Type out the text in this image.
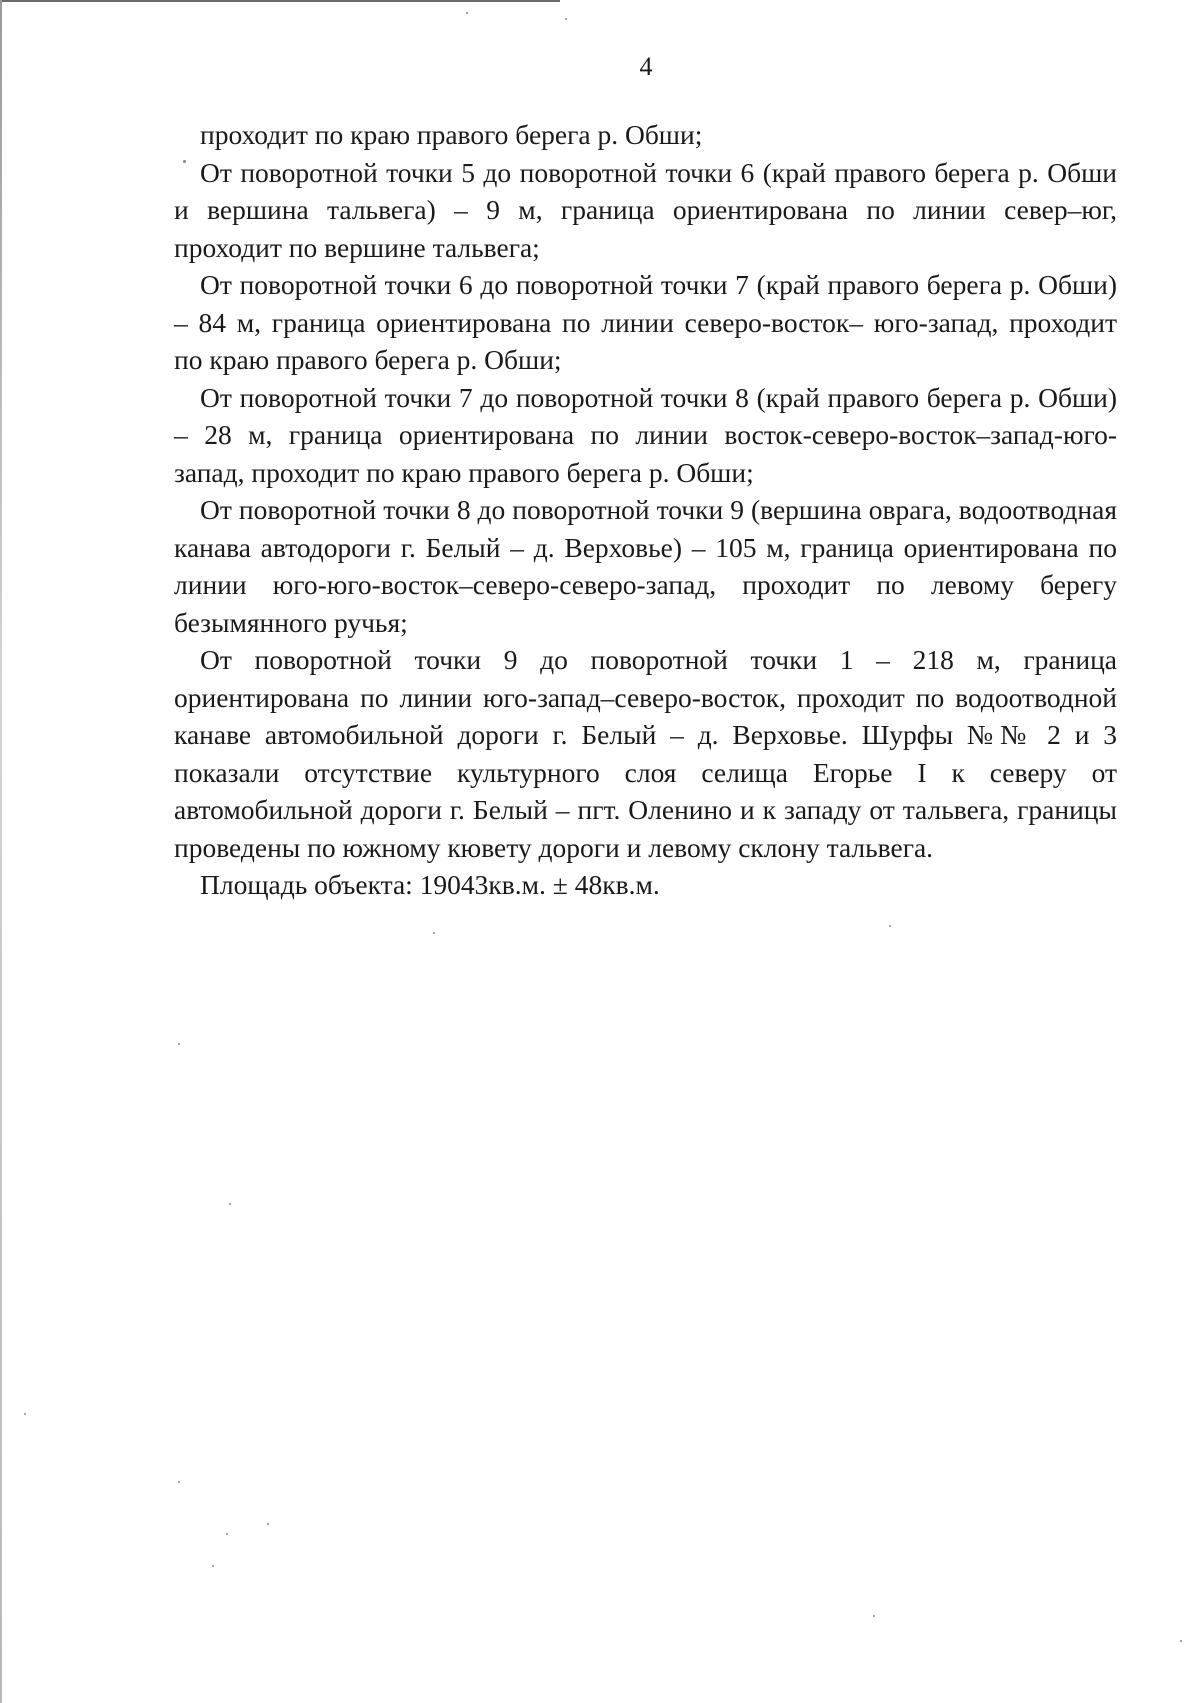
4

проходит по краю правого берега р. Обши;

От поворотной точки 5 до поворотной точки 6 (край правого берега р. Обши и вершина тальвега) – 9 м, граница ориентирована по линии север–юг, проходит по вершине тальвега;

От поворотной точки 6 до поворотной точки 7 (край правого берега р. Обши) – 84 м, граница ориентирована по линии северо-восток– юго-запад, проходит по краю правого берега р. Обши;

От поворотной точки 7 до поворотной точки 8 (край правого берега р. Обши) – 28 м, граница ориентирована по линии восток-северо-восток–запад-юго-запад, проходит по краю правого берега р. Обши;

От поворотной точки 8 до поворотной точки 9 (вершина оврага, водоотводная канава автодороги г. Белый – д. Верховье) – 105 м, граница ориентирована по линии юго-юго-восток–северо-северо-запад, проходит по левому берегу безымянного ручья;

От поворотной точки 9 до поворотной точки 1 – 218 м, граница ориентирована по линии юго-запад–северо-восток, проходит по водоотводной канаве автомобильной дороги г. Белый – д. Верховье. Шурфы №№ 2 и 3 показали отсутствие культурного слоя селища Егорье I к северу от автомобильной дороги г. Белый – пгт. Оленино и к западу от тальвега, границы проведены по южному кювету дороги и левому склону тальвега.

Площадь объекта: 19043кв.м. ± 48кв.м.
